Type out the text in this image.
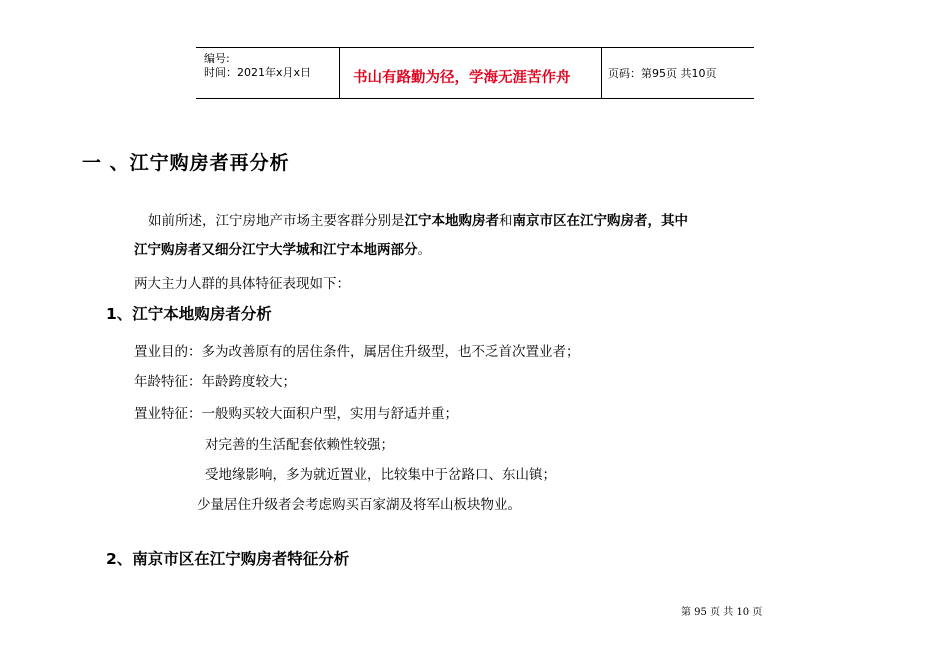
编号:
时间：2021年x月x日	书山有路勤为径，学海无涯苦作舟	页码：第95页 共10页
一 、江宁购房者再分析
如前所述，江宁房地产市场主要客群分别是江宁本地购房者和南京市区在江宁购房者，其中
江宁购房者又细分江宁大学城和江宁本地两部分。
两大主力人群的具体特征表现如下：
1、江宁本地购房者分析
置业目的：多为改善原有的居住条件，属居住升级型，也不乏首次置业者；
年龄特征：年龄跨度较大；
置业特征：一般购买较大面积户型，实用与舒适并重；
对完善的生活配套依赖性较强；
受地缘影响，多为就近置业，比较集中于岔路口、东山镇；
少量居住升级者会考虑购买百家湖及将军山板块物业。
2、南京市区在江宁购房者特征分析
第 95 页 共 10 页
